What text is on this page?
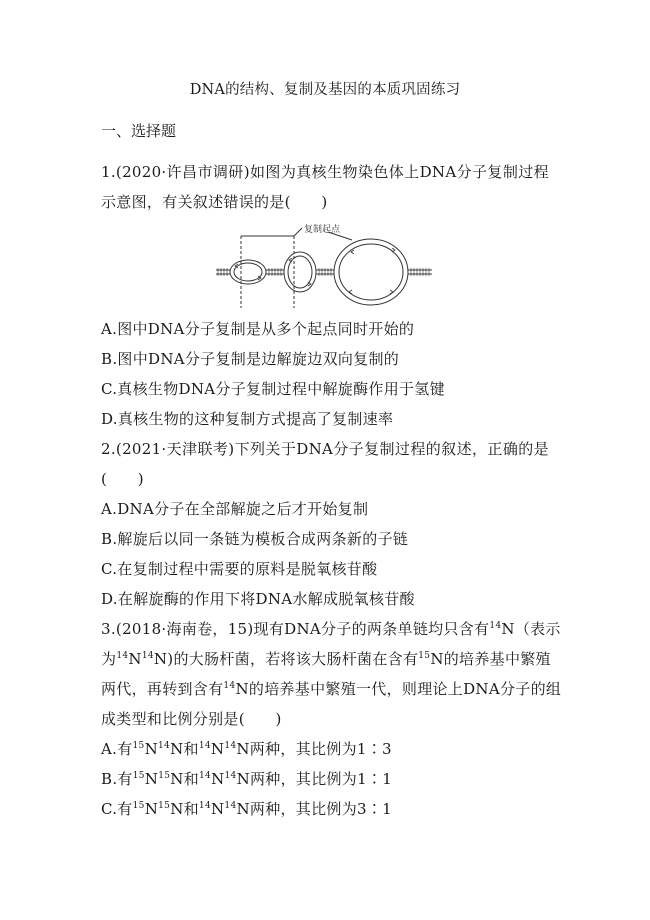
DNA的结构、复制及基因的本质巩固练习
一、选择题
1.(2020·许昌市调研)如图为真核生物染色体上DNA分子复制过程
示意图，有关叙述错误的是(　　)
复制起点
A.图中DNA分子复制是从多个起点同时开始的
B.图中DNA分子复制是边解旋边双向复制的
C.真核生物DNA分子复制过程中解旋酶作用于氢键
D.真核生物的这种复制方式提高了复制速率
2.(2021·天津联考)下列关于DNA分子复制过程的叙述，正确的是
(　　)
A.DNA分子在全部解旋之后才开始复制
B.解旋后以同一条链为模板合成两条新的子链
C.在复制过程中需要的原料是脱氧核苷酸
D.在解旋酶的作用下将DNA水解成脱氧核苷酸
3.(2018·海南卷，15)现有DNA分子的两条单链均只含有$^{14}$N（表示
为$^{14}N^{14}N$)的大肠杆菌，若将该大肠杆菌在含有$^{15}$N的培养基中繁殖
两代，再转到含有$^{14}$N的培养基中繁殖一代，则理论上DNA分子的组
成类型和比例分别是(　　)
A.有$^{15}N^{14}N$和$^{14}N^{14}N$两种，其比例为1∶3
B.有$^{15}N^{15}N$和$^{14}N^{14}N$两种，其比例为1∶1
C.有$^{15}N^{15}N$和$^{14}N^{14}N$两种，其比例为3∶1
